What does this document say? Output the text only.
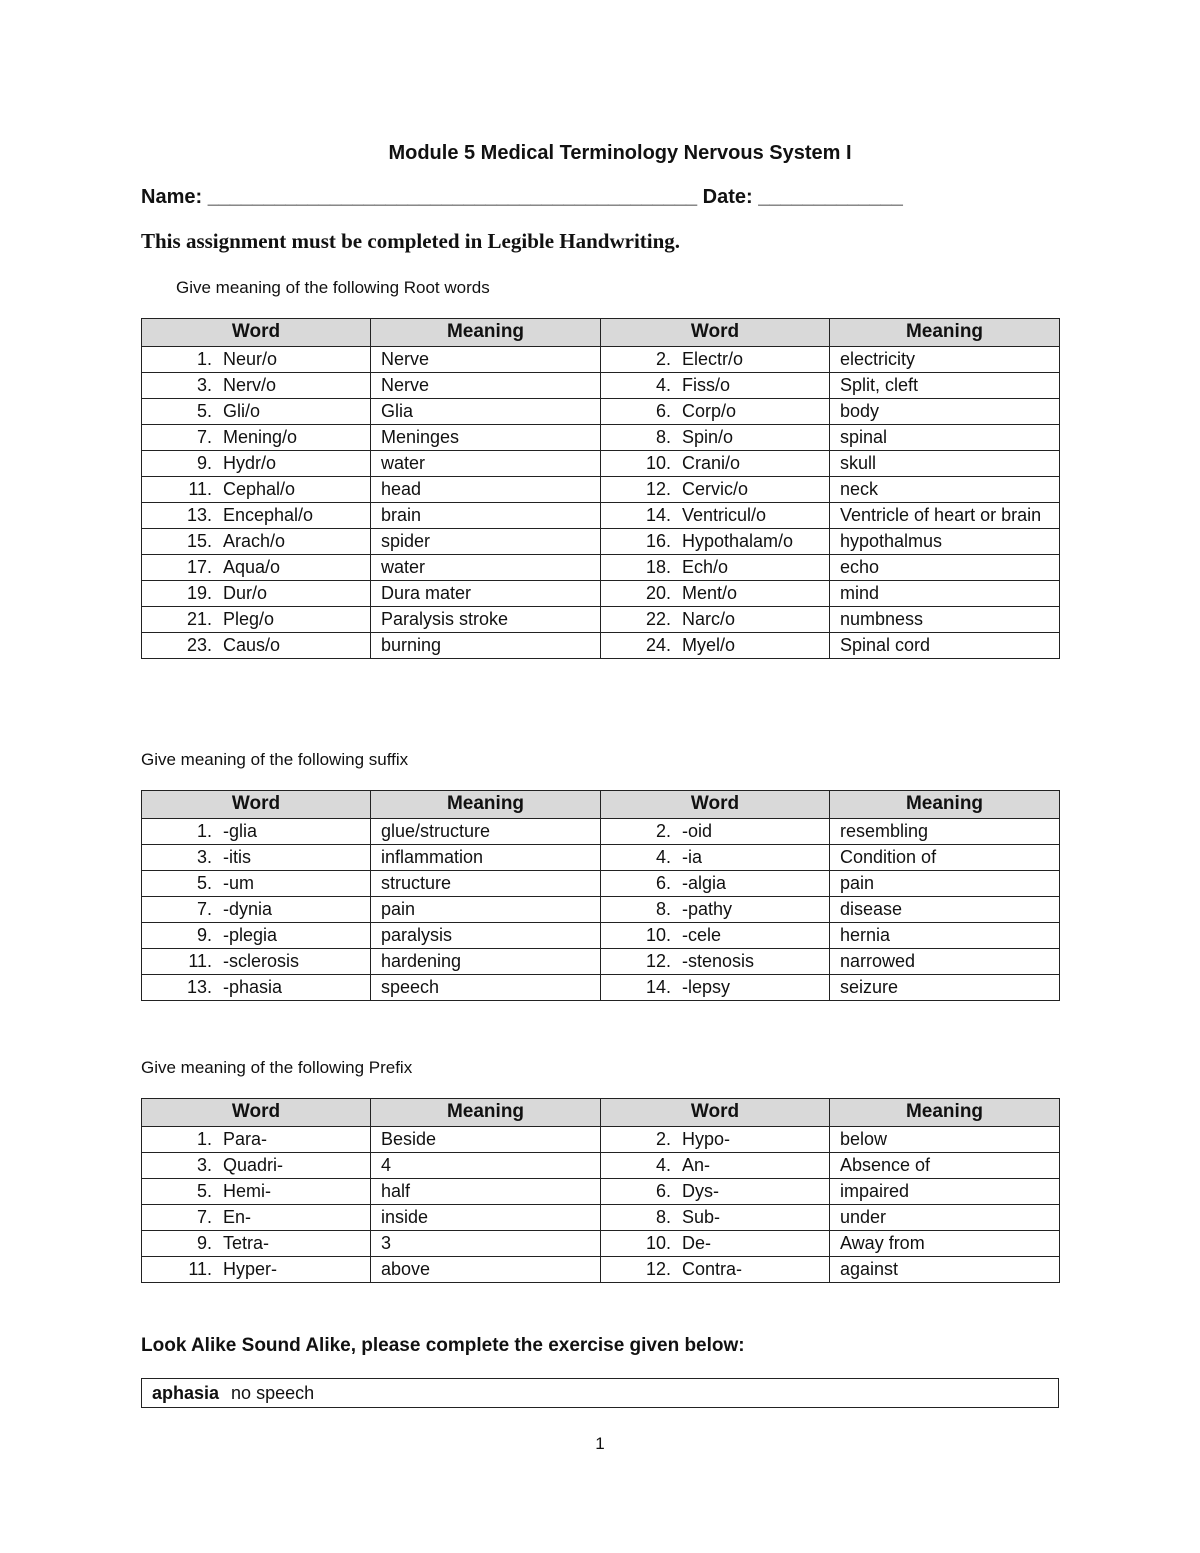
Module 5 Medical Terminology Nervous System I
Name: ____________________________________________ Date: _____________
This assignment must be completed in Legible Handwriting.
Give meaning of the following Root words
Word	Meaning	Word	Meaning

1. Neur/o	Nerve	2. Electr/o	electricity

3. Nerv/o	Nerve	4. Fiss/o	Split, cleft

5. Gli/o	Glia	6. Corp/o	body

7. Mening/o	Meninges	8. Spin/o	spinal

9. Hydr/o	water	10. Crani/o	skull

11. Cephal/o	head	12. Cervic/o	neck

13. Encephal/o	brain	14. Ventricul/o	Ventricle of heart or brain

15. Arach/o	spider	16. Hypothalam/o	hypothalmus

17. Aqua/o	water	18. Ech/o	echo

19. Dur/o	Dura mater	20. Ment/o	mind

21. Pleg/o	Paralysis stroke	22. Narc/o	numbness

23. Caus/o	burning	24. Myel/o	Spinal cord
Give meaning of the following suffix
Word	Meaning	Word	Meaning

1. -glia	glue/structure	2. -oid	resembling

3. -itis	inflammation	4. -ia	Condition of

5. -um	structure	6. -algia	pain

7. -dynia	pain	8. -pathy	disease

9. -plegia	paralysis	10. -cele	hernia

11. -sclerosis	hardening	12. -stenosis	narrowed

13. -phasia	speech	14. -lepsy	seizure
Give meaning of the following Prefix
Word	Meaning	Word	Meaning

1. Para-	Beside	2. Hypo-	below

3. Quadri-	4	4. An-	Absence of

5. Hemi-	half	6. Dys-	impaired

7. En-	inside	8. Sub-	under

9. Tetra-	3	10. De-	Away from

11. Hyper-	above	12. Contra-	against
Look Alike Sound Alike, please complete the exercise given below:
aphasia no speech
1
